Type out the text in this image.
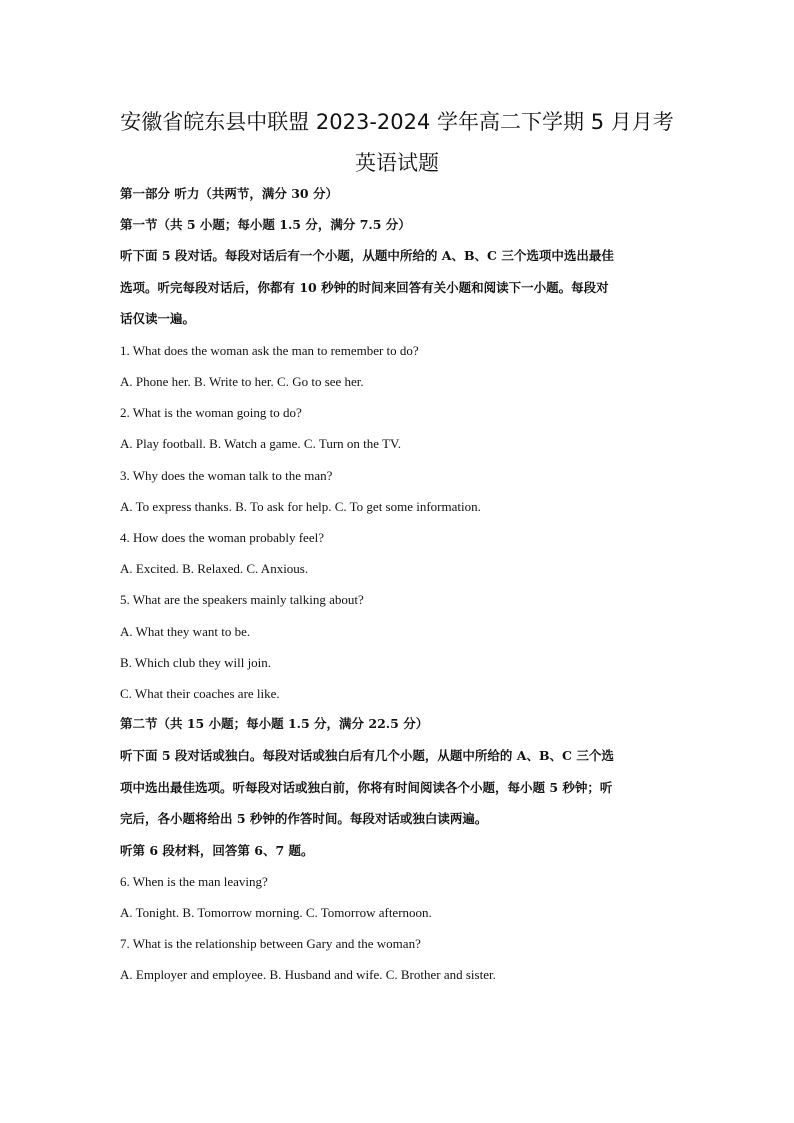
安徽省皖东县中联盟 2023-2024 学年高二下学期 5 月月考
英语试题
第一部分 听力（共两节，满分 30 分）
第一节（共 5 小题；每小题 1.5 分，满分 7.5 分）
听下面 5 段对话。每段对话后有一个小题，从题中所给的 A、B、C 三个选项中选出最佳
选项。听完每段对话后，你都有 10 秒钟的时间来回答有关小题和阅读下一小题。每段对
话仅读一遍。
1. What does the woman ask the man to remember to do?
A. Phone her. B. Write to her. C. Go to see her.
2. What is the woman going to do?
A. Play football. B. Watch a game. C. Turn on the TV.
3. Why does the woman talk to the man?
A. To express thanks. B. To ask for help. C. To get some information.
4. How does the woman probably feel?
A. Excited. B. Relaxed. C. Anxious.
5. What are the speakers mainly talking about?
A. What they want to be.
B. Which club they will join.
C. What their coaches are like.
第二节（共 15 小题；每小题 1.5 分，满分 22.5 分）
听下面 5 段对话或独白。每段对话或独白后有几个小题，从题中所给的 A、B、C 三个选
项中选出最佳选项。听每段对话或独白前，你将有时间阅读各个小题，每小题 5 秒钟；听
完后，各小题将给出 5 秒钟的作答时间。每段对话或独白读两遍。
听第 6 段材料，回答第 6、7 题。
6. When is the man leaving?
A. Tonight. B. Tomorrow morning. C. Tomorrow afternoon.
7. What is the relationship between Gary and the woman?
A. Employer and employee. B. Husband and wife. C. Brother and sister.
